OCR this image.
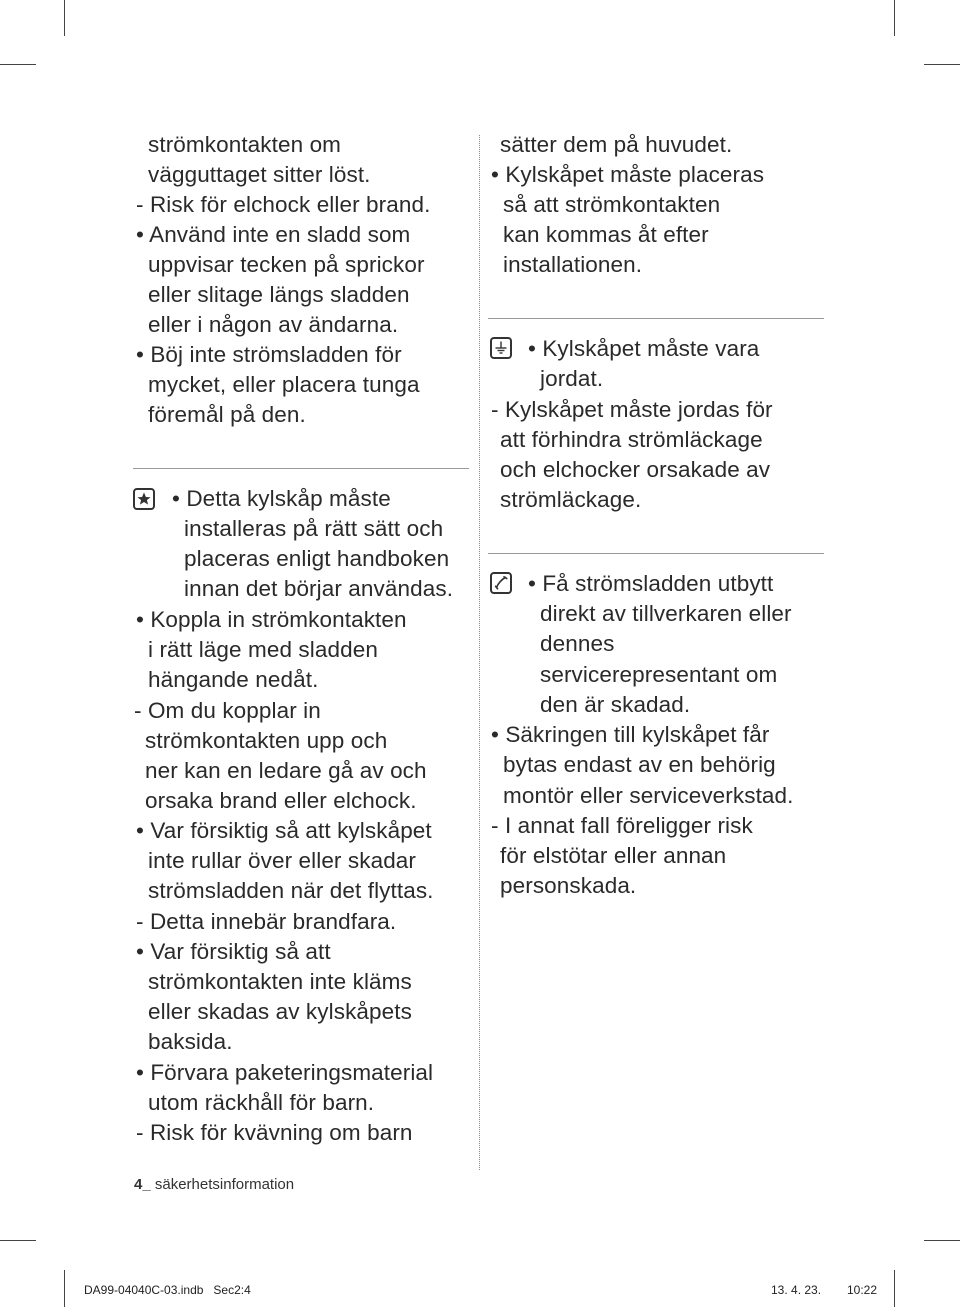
strömkontakten om
vägguttaget sitter löst.
- Risk för elchock eller brand.
• Använd inte en sladd som
uppvisar tecken på sprickor
eller slitage längs sladden
eller i någon av ändarna.
• Böj inte strömsladden för
mycket, eller placera tunga
föremål på den.
• Detta kylskåp måste
installeras på rätt sätt och
placeras enligt handboken
innan det börjar användas.
• Koppla in strömkontakten
i rätt läge med sladden
hängande nedåt.
- Om du kopplar in
strömkontakten upp och
ner kan en ledare gå av och
orsaka brand eller elchock.
• Var försiktig så att kylskåpet
inte rullar över eller skadar
strömsladden när det flyttas.
- Detta innebär brandfara.
• Var försiktig så att
strömkontakten inte kläms
eller skadas av kylskåpets
baksida.
• Förvara paketeringsmaterial
utom räckhåll för barn.
- Risk för kvävning om barn
sätter dem på huvudet.
• Kylskåpet måste placeras
så att strömkontakten
kan kommas åt efter
installationen.
• Kylskåpet måste vara
jordat.
- Kylskåpet måste jordas för
att förhindra strömläckage
och elchocker orsakade av
strömläckage.
• Få strömsladden utbytt
direkt av tillverkaren eller
dennes
servicerepresentant om
den är skadad.
• Säkringen till kylskåpet får
bytas endast av en behörig
montör eller serviceverkstad.
- I annat fall föreligger risk
för elstötar eller annan
personskada.
4_ säkerhetsinformation
DA99-04040C-03.indb   Sec2:4	13. 4. 23. 10:22
